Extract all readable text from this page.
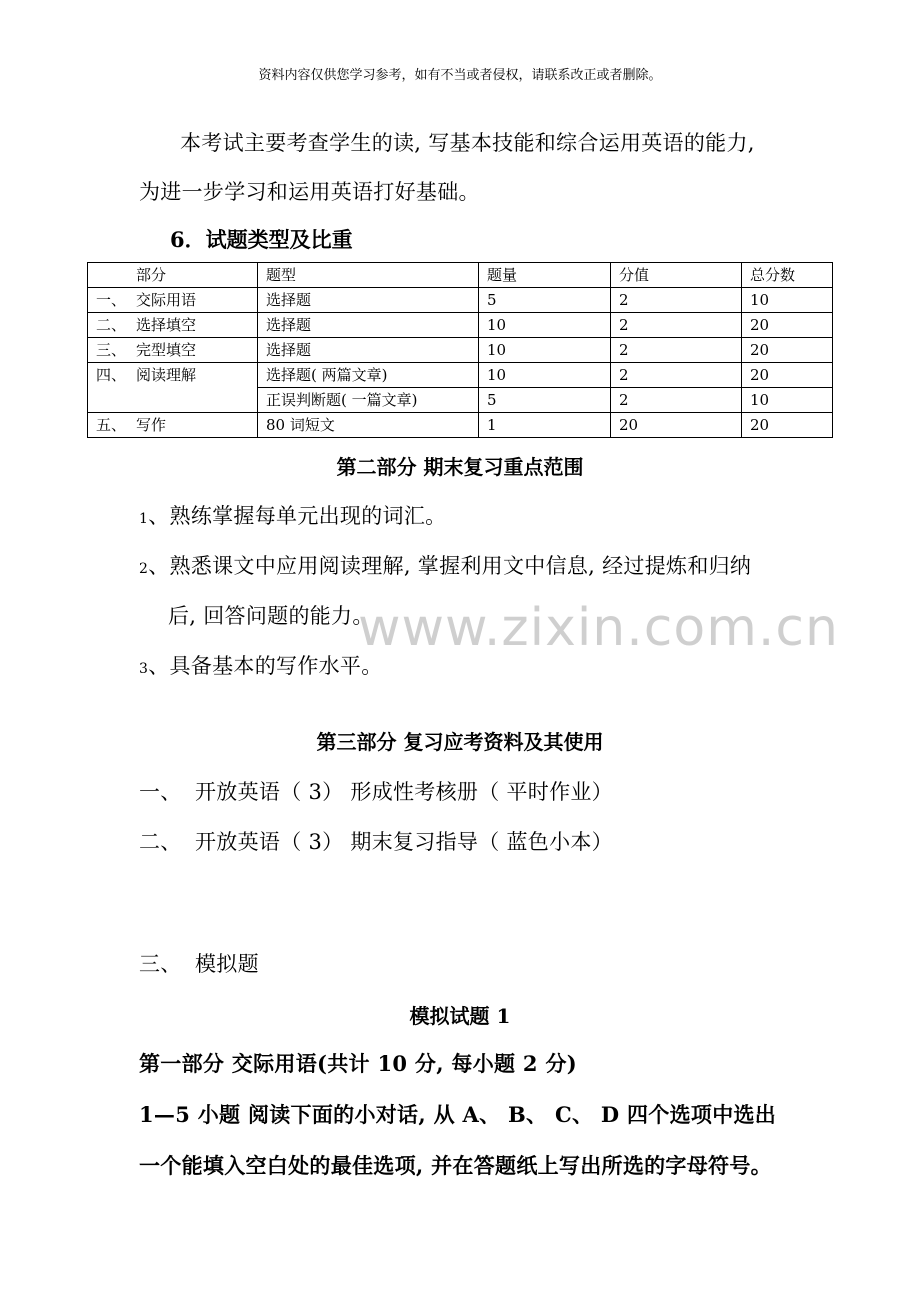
资料内容仅供您学习参考，如有不当或者侵权，请联系改正或者删除。
本考试主要考查学生的读, 写基本技能和综合运用英语的能力,
为进一步学习和运用英语打好基础。
6．试题类型及比重
部分	题型	题量	分值	总分数
一、 交际用语	选择题	5	2	10
二、 选择填空	选择题	10	2	20
三、 完型填空	选择题	10	2	20
四、 阅读理解	选择题( 两篇文章)	10	2	20
	正误判断题( 一篇文章)	5	2	10
五、 写作	80 词短文	1	20	20
第二部分 期末复习重点范围
1、熟练掌握每单元出现的词汇。
2、熟悉课文中应用阅读理解, 掌握利用文中信息, 经过提炼和归纳
后, 回答问题的能力。
3、具备基本的写作水平。
www.zixin.com.cn
第三部分 复习应考资料及其使用
一、 开放英语（ 3） 形成性考核册（ 平时作业）
二、 开放英语（ 3） 期末复习指导（ 蓝色小本）
三、 模拟题
模拟试题 1
第一部分 交际用语(共计 10 分, 每小题 2 分)
1—5 小题 阅读下面的小对话, 从 A、 B、 C、 D 四个选项中选出
一个能填入空白处的最佳选项, 并在答题纸上写出所选的字母符号。
